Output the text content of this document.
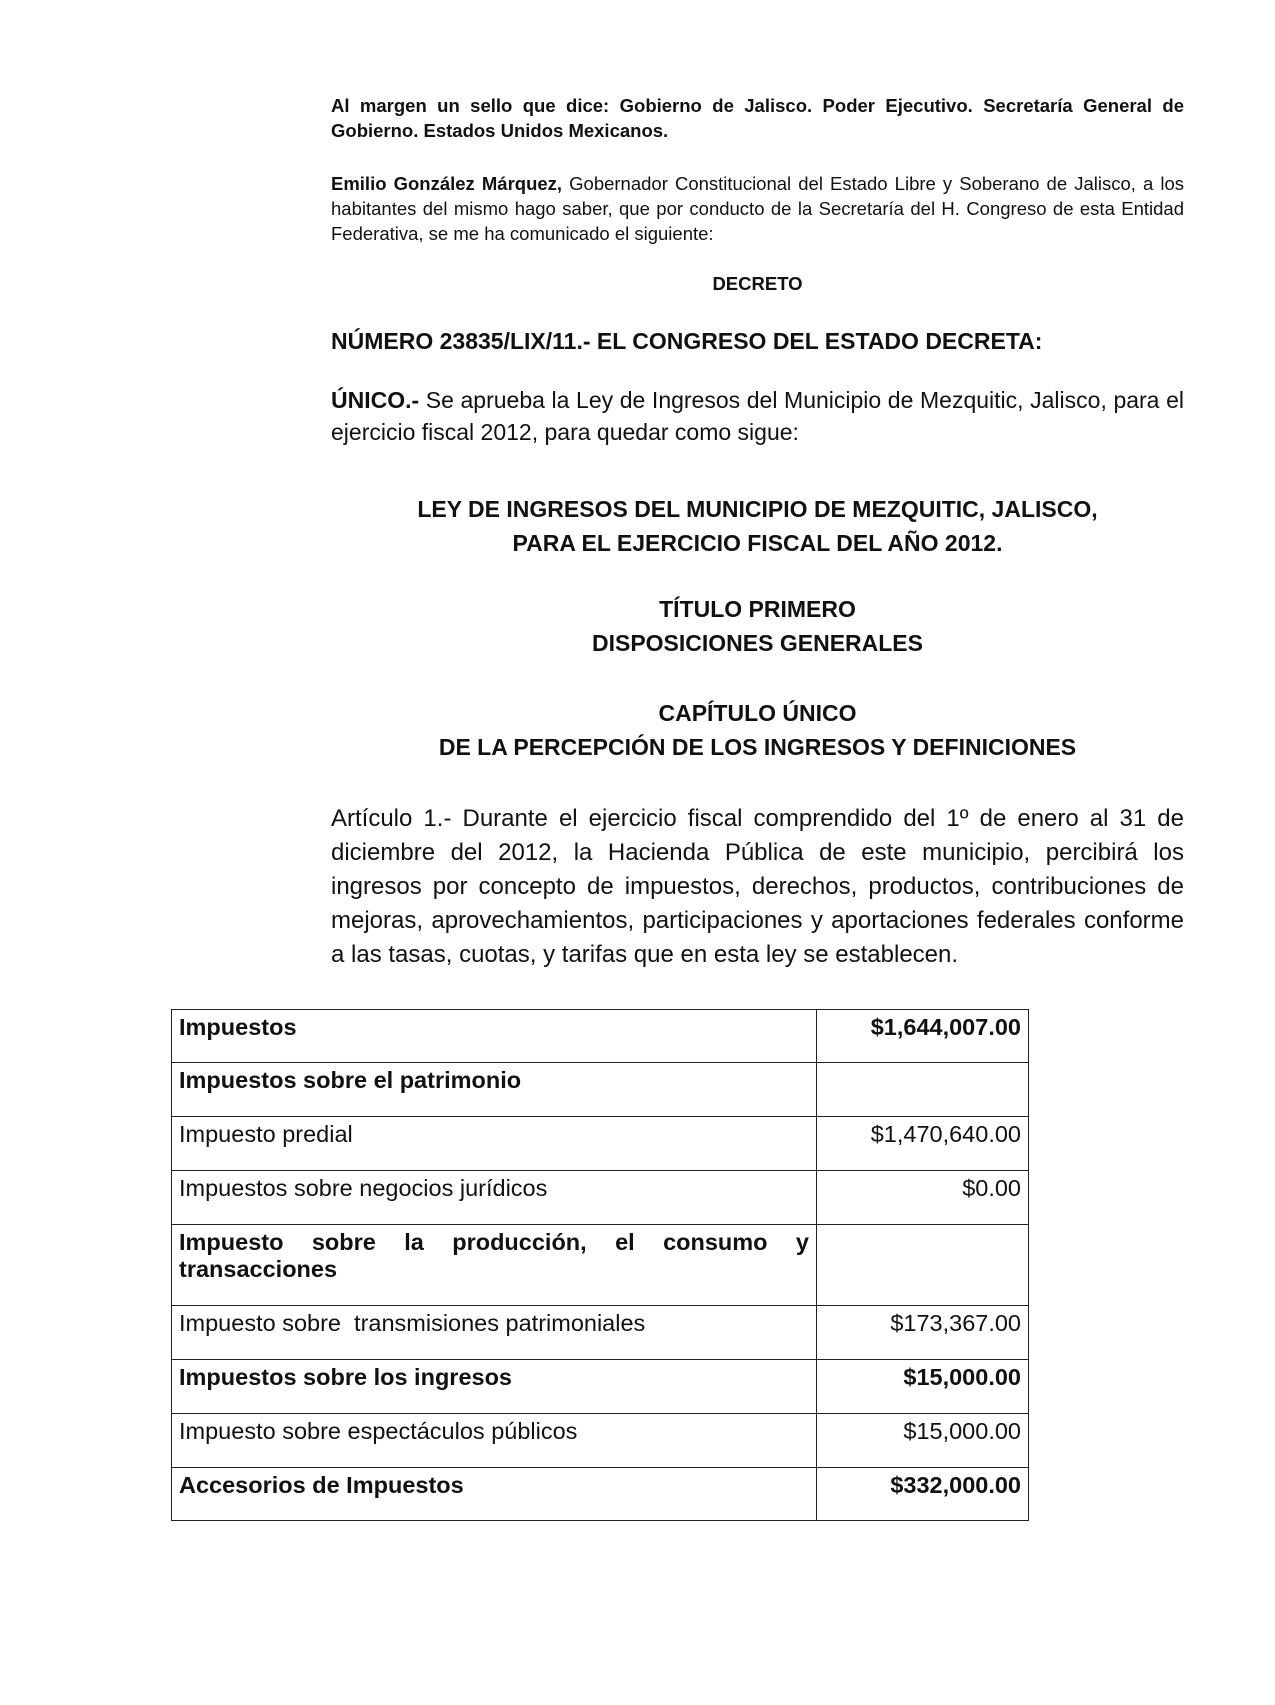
Al margen un sello que dice: Gobierno de Jalisco. Poder Ejecutivo. Secretaría General de Gobierno. Estados Unidos Mexicanos.

Emilio González Márquez, Gobernador Constitucional del Estado Libre y Soberano de Jalisco, a los habitantes del mismo hago saber, que por conducto de la Secretaría del H. Congreso de esta Entidad Federativa, se me ha comunicado el siguiente:

DECRETO

NÚMERO 23835/LIX/11.- EL CONGRESO DEL ESTADO DECRETA:

ÚNICO.- Se aprueba la Ley de Ingresos del Municipio de Mezquitic, Jalisco, para el ejercicio fiscal 2012, para quedar como sigue:

LEY DE INGRESOS DEL MUNICIPIO DE MEZQUITIC, JALISCO,

PARA EL EJERCICIO FISCAL DEL AÑO 2012.

TÍTULO PRIMERO

DISPOSICIONES GENERALES

CAPÍTULO ÚNICO

DE LA PERCEPCIÓN DE LOS INGRESOS Y DEFINICIONES

Artículo 1.- Durante el ejercicio fiscal comprendido del 1º de enero al 31 de diciembre del 2012, la Hacienda Pública de este municipio, percibirá los ingresos por concepto de impuestos, derechos, productos, contribuciones de mejoras, aprovechamientos, participaciones y aportaciones federales conforme a las tasas, cuotas, y tarifas que en esta ley se establecen.

Impuestos	$1,644,007.00
Impuestos sobre el patrimonio	
Impuesto predial	$1,470,640.00
Impuestos sobre negocios jurídicos	$0.00
Impuesto sobre la producción, el consumo y
transacciones	

Impuesto sobre  transmisiones patrimoniales	$173,367.00
Impuestos sobre los ingresos	$15,000.00
Impuesto sobre espectáculos públicos	$15,000.00
Accesorios de Impuestos	$332,000.00
